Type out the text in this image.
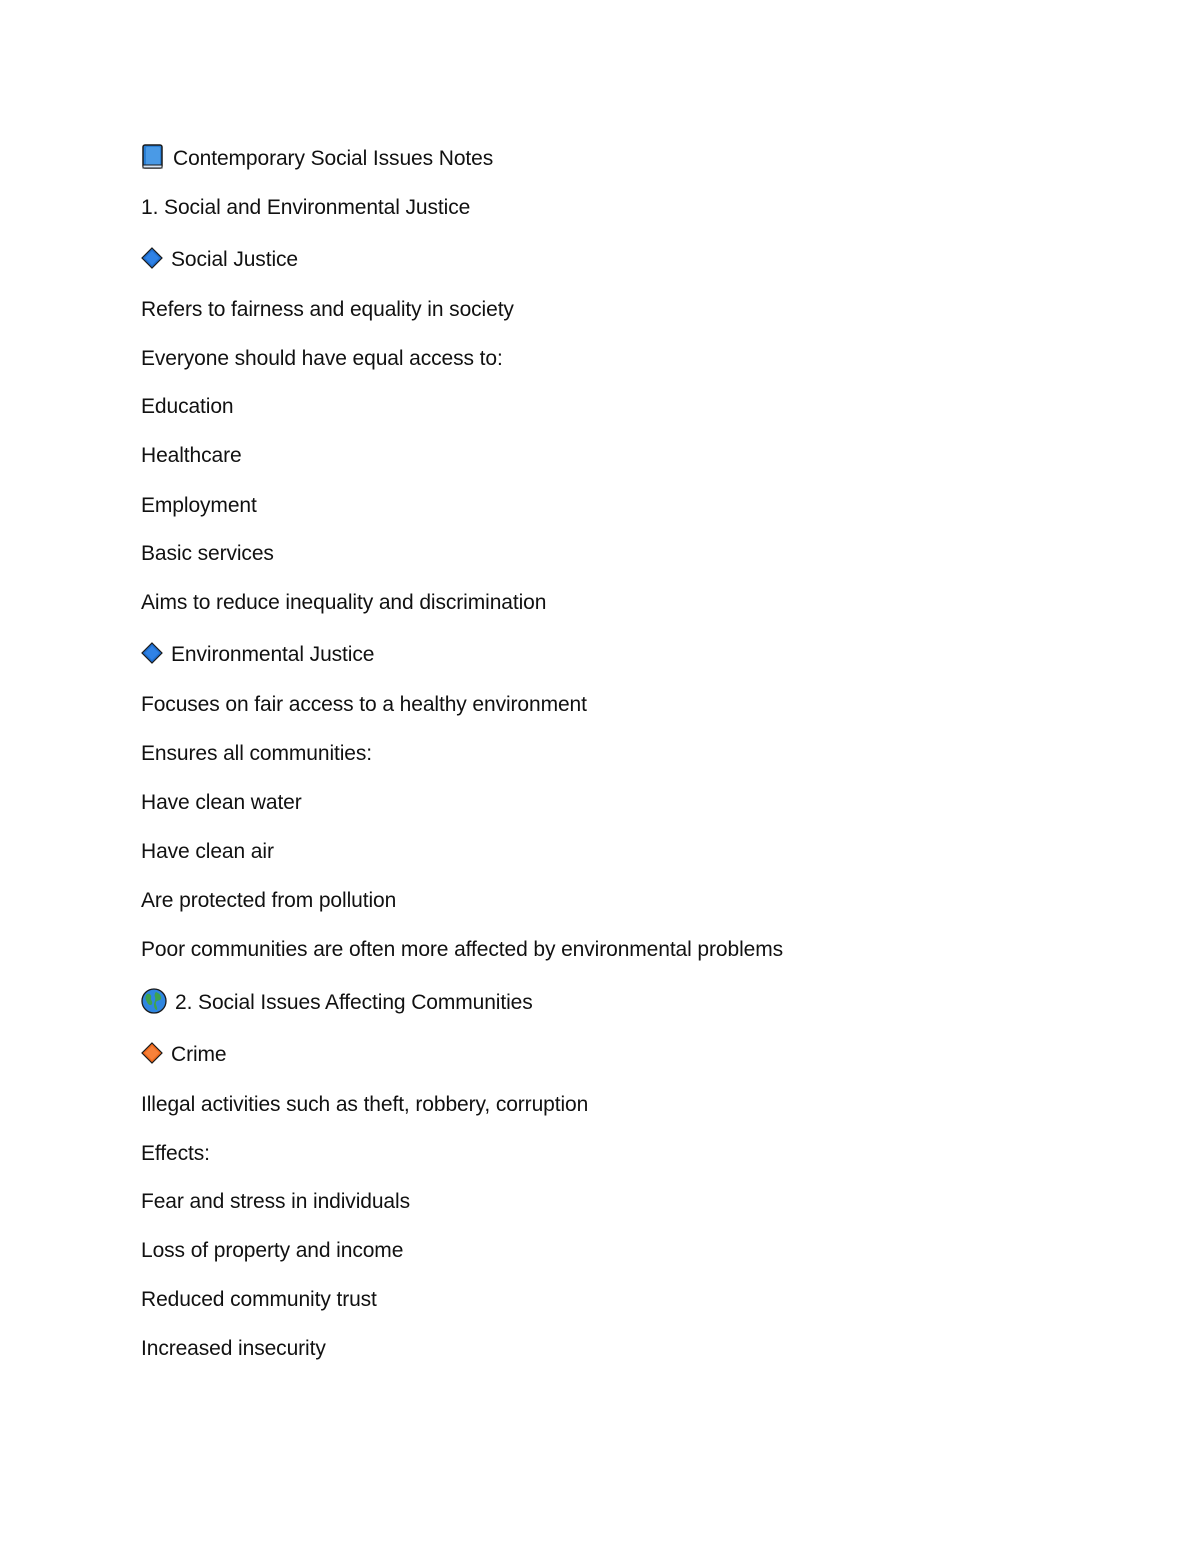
Contemporary Social Issues Notes
1. Social and Environmental Justice
Social Justice
Refers to fairness and equality in society
Everyone should have equal access to:
Education
Healthcare
Employment
Basic services
Aims to reduce inequality and discrimination
Environmental Justice
Focuses on fair access to a healthy environment
Ensures all communities:
Have clean water
Have clean air
Are protected from pollution
Poor communities are often more affected by environmental problems
2. Social Issues Affecting Communities
Crime
Illegal activities such as theft, robbery, corruption
Effects:
Fear and stress in individuals
Loss of property and income
Reduced community trust
Increased insecurity
